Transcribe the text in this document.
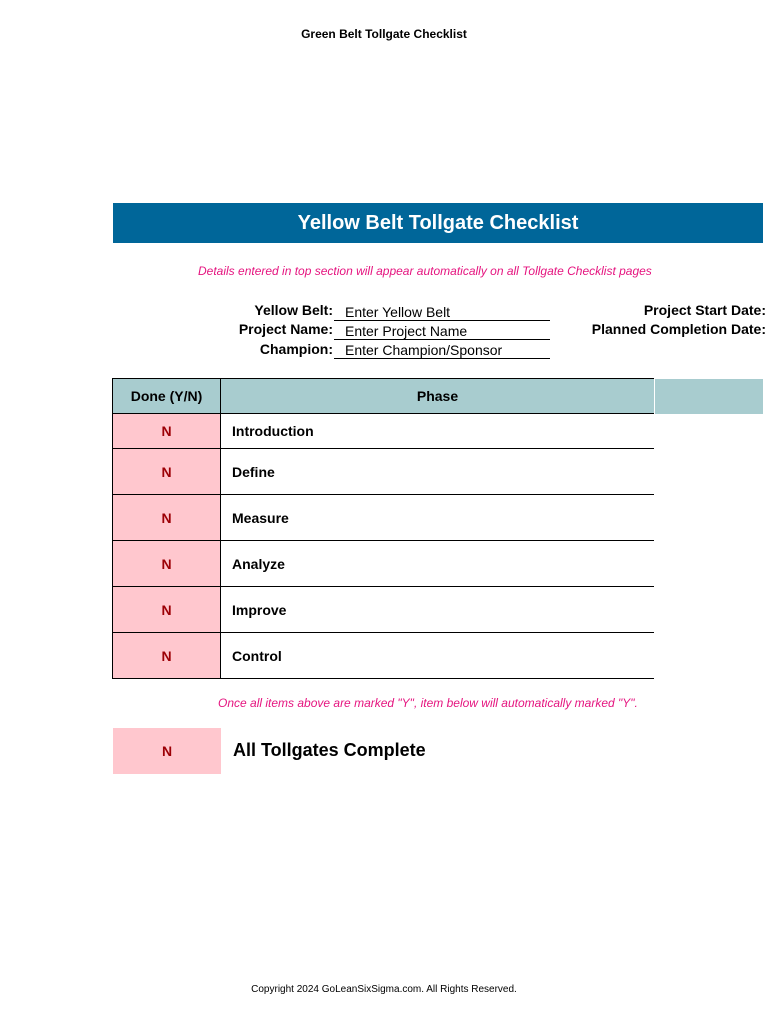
Green Belt Tollgate Checklist
Yellow Belt Tollgate Checklist
Details entered in top section will appear automatically on all Tollgate Checklist pages
Yellow Belt: Enter Yellow Belt
Project Name: Enter Project Name
Champion: Enter Champion/Sponsor
Project Start Date:
Planned Completion Date:
Done (Y/N)	Phase
N	Introduction
N	Define
N	Measure
N	Analyze
N	Improve
N	Control
Once all items above are marked "Y", item below will automatically marked "Y".
N	All Tollgates Complete
Copyright 2024 GoLeanSixSigma.com. All Rights Reserved.
